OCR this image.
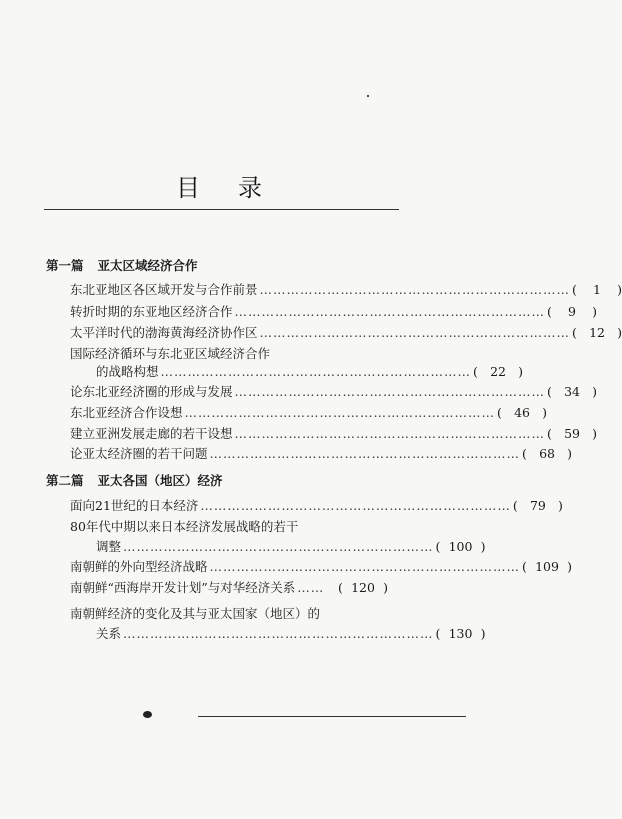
目 录
第一篇 亚太区域经济合作
东北亚地区各区域开发与合作前景 …………………………………………………………… (	1	)
转折时期的东亚地区经济合作 …………………………………………………………… (	9	)
太平洋时代的渤海黄海经济协作区 …………………………………………………………… ( 12 )
国际经济循环与东北亚区域经济合作
的战略构想 …………………………………………………………… ( 22 )
论东北亚经济圈的形成与发展 …………………………………………………………… ( 34 )
东北亚经济合作设想 …………………………………………………………… ( 46 )
建立亚洲发展走廊的若干设想 …………………………………………………………… ( 59 )
论亚太经济圈的若干问题 …………………………………………………………… ( 68 )
第二篇 亚太各国（地区）经济
面向21世纪的日本经济 …………………………………………………………… ( 79 )
80年代中期以来日本经济发展战略的若干
调整 …………………………………………………………… ( 100 )
南朝鲜的外向型经济战略 …………………………………………………………… ( 109 )
南朝鲜“西海岸开发计划”与对华经济关系 ……	( 120 )
南朝鲜经济的变化及其与亚太国家（地区）的
关系 …………………………………………………………… ( 130 )
